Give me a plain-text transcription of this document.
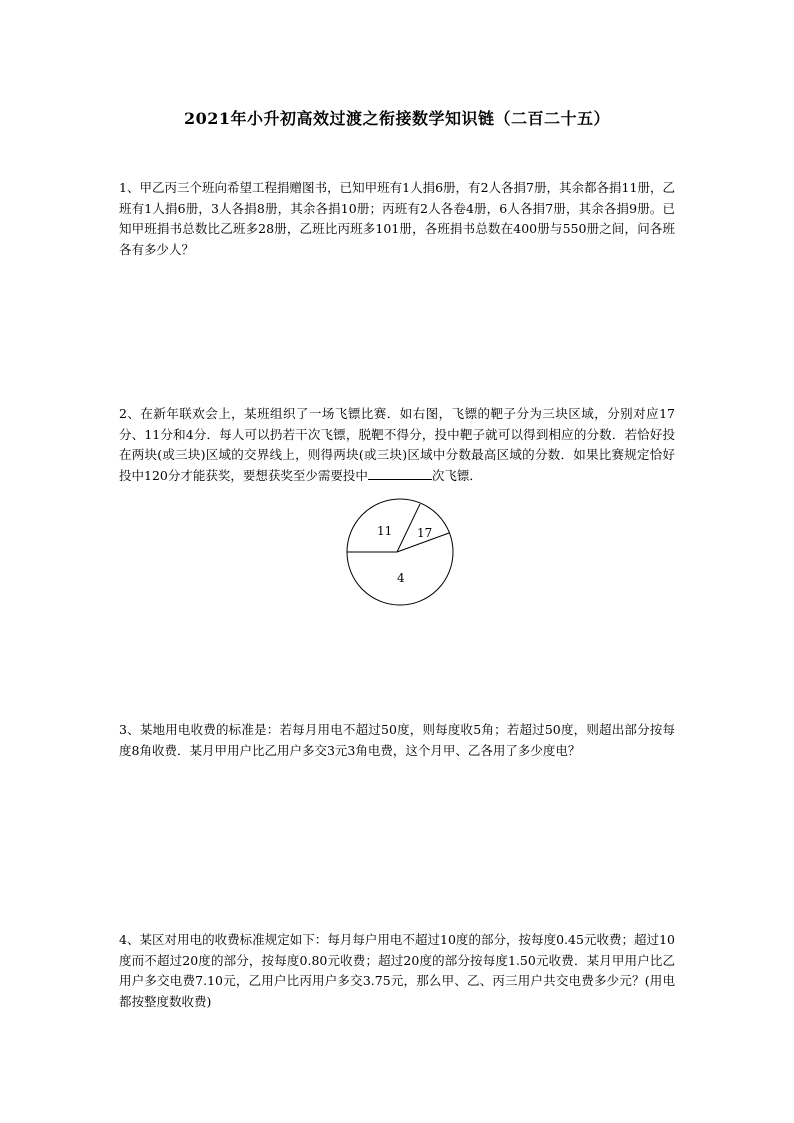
2021年小升初高效过渡之衔接数学知识链（二百二十五）

1、甲乙丙三个班向希望工程捐赠图书，已知甲班有1人捐6册，有2人各捐7册，其余都各捐11册，乙班有1人捐6册，3人各捐8册，其余各捐10册；丙班有2人各卷4册，6人各捐7册，其余各捐9册。已知甲班捐书总数比乙班多28册，乙班比丙班多101册，各班捐书总数在400册与550册之间，问各班各有多少人？

2、在新年联欢会上，某班组织了一场飞镖比赛．如右图，飞镖的靶子分为三块区域，分别对应17分、11分和4分．每人可以扔若干次飞镖，脱靶不得分，投中靶子就可以得到相应的分数．若恰好投在两块(或三块)区域的交界线上，则得两块(或三块)区域中分数最高区域的分数．如果比赛规定恰好投中120分才能获奖，要想获奖至少需要投中	次飞镖．

11 17
4

3、某地用电收费的标准是：若每月用电不超过50度，则每度收5角；若超过50度，则超出部分按每度8角收费．某月甲用户比乙用户多交3元3角电费，这个月甲、乙各用了多少度电？

4、某区对用电的收费标准规定如下：每月每户用电不超过10度的部分，按每度0.45元收费；超过10度而不超过20度的部分，按每度0.80元收费；超过20度的部分按每度1.50元收费．某月甲用户比乙用户多交电费7.10元，乙用户比丙用户多交3.75元，那么甲、乙、丙三用户共交电费多少元？(用电都按整度数收费)
